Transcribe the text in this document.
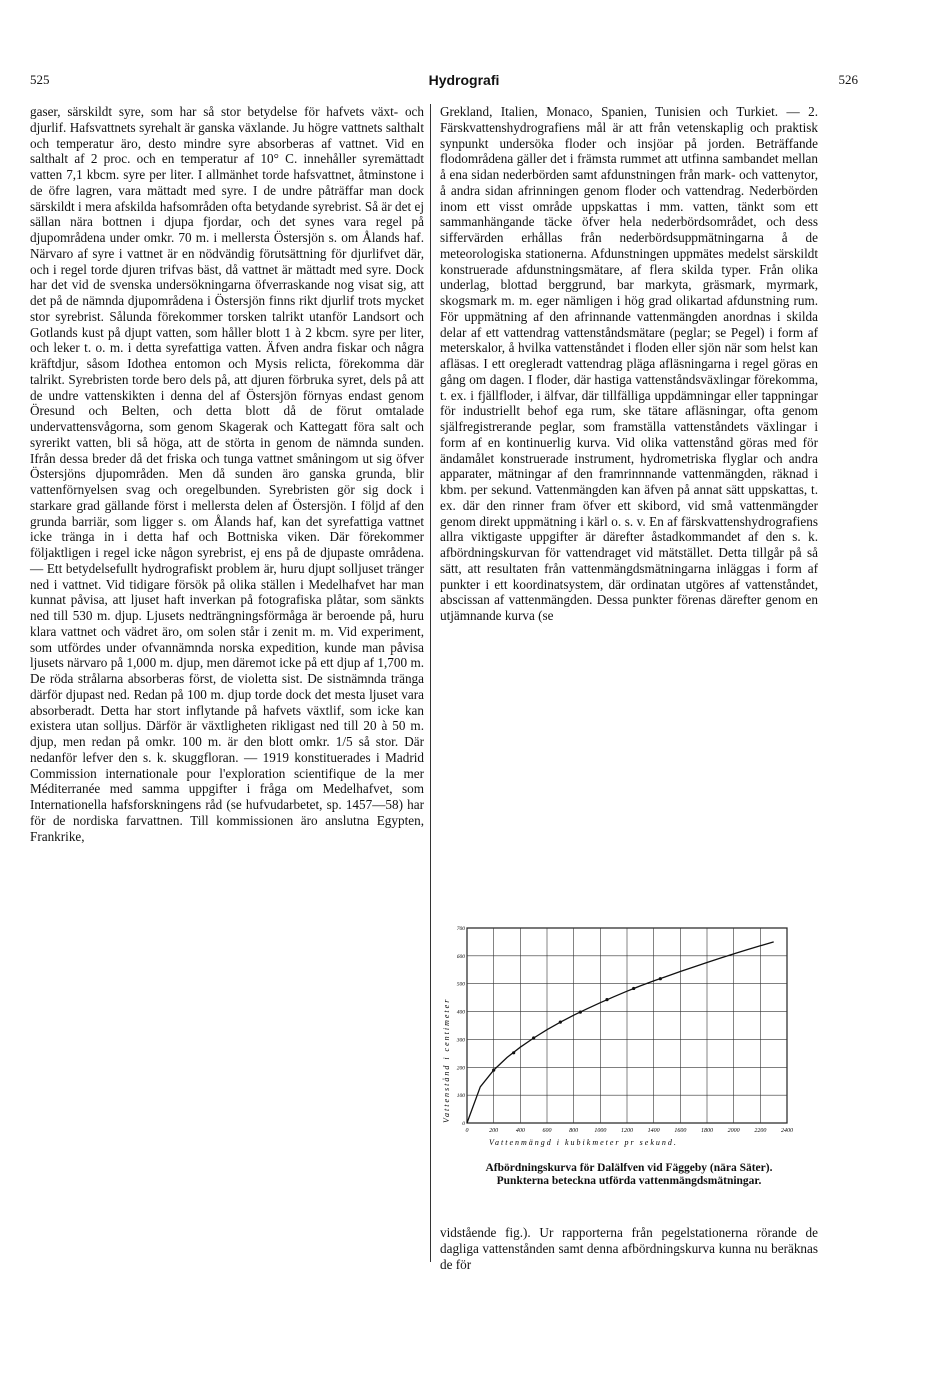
525	Hydrografi	526

gaser, särskildt syre, som har så stor betydelse för hafvets växt- och djurlif. Hafsvattnets syrehalt är ganska växlande. Ju högre vattnets salthalt och temperatur äro, desto mindre syre absorberas af vattnet. Vid en salthalt af 2 proc. och en temperatur af 10° C. innehåller syremättadt vatten 7,1 kbcm. syre per liter. I allmänhet torde hafsvattnet, åtminstone i de öfre lagren, vara mättadt med syre. I de undre påträffar man dock särskildt i mera afskilda hafsområden ofta betydande syrebrist. Så är det ej sällan nära bottnen i djupa fjordar, och det synes vara regel på djupområdena under omkr. 70 m. i mellersta Östersjön s. om Ålands haf. Närvaro af syre i vattnet är en nödvändig förutsättning för djurlifvet där, och i regel torde djuren trifvas bäst, då vattnet är mättadt med syre. Dock har det vid de svenska undersökningarna öfverraskande nog visat sig, att det på de nämnda djupområdena i Östersjön finns rikt djurlif trots mycket stor syrebrist. Sålunda förekommer torsken talrikt utanför Landsort och Gotlands kust på djupt vatten, som håller blott 1 à 2 kbcm. syre per liter, och leker t. o. m. i detta syrefattiga vatten. Äfven andra fiskar och några kräftdjur, såsom Idothea entomon och Mysis relicta, förekomma där talrikt. Syrebristen torde bero dels på, att djuren förbruka syret, dels på att de undre vattenskikten i denna del af Östersjön förnyas endast genom Öresund och Belten, och detta blott då de förut omtalade undervattensvågorna, som genom Skagerak och Kattegatt föra salt och syrerikt vatten, bli så höga, att de störta in genom de nämnda sunden. Ifrån dessa breder då det friska och tunga vattnet småningom ut sig öfver Östersjöns djupområden. Men då sunden äro ganska grunda, blir vattenförnyelsen svag och oregelbunden. Syrebristen gör sig dock i starkare grad gällande först i mellersta delen af Östersjön. I följd af den grunda barriär, som ligger s. om Ålands haf, kan det syrefattiga vattnet icke tränga in i detta haf och Bottniska viken. Där förekommer följaktligen i regel icke någon syrebrist, ej ens på de djupaste områdena. — Ett betydelsefullt hydrografiskt problem är, huru djupt solljuset tränger ned i vattnet. Vid tidigare försök på olika ställen i Medelhafvet har man kunnat påvisa, att ljuset haft inverkan på fotografiska plåtar, som sänkts ned till 530 m. djup. Ljusets nedträngningsförmåga är beroende på, huru klara vattnet och vädret äro, om solen står i zenit m. m. Vid experiment, som utfördes under ofvannämnda norska expedition, kunde man påvisa ljusets närvaro på 1,000 m. djup, men däremot icke på ett djup af 1,700 m. De röda strålarna absorberas först, de violetta sist. De sistnämnda tränga därför djupast ned. Redan på 100 m. djup torde dock det mesta ljuset vara absorberadt. Detta har stort inflytande på hafvets växtlif, som icke kan existera utan solljus. Därför är växtligheten rikligast ned till 20 à 50 m. djup, men redan på omkr. 100 m. är den blott omkr. 1/5 så stor. Där nedanför lefver den s. k. skuggfloran. — 1919 konstituerades i Madrid Commission internationale pour l'exploration scientifique de la mer Méditerranée med samma uppgifter i fråga om Medelhafvet, som Internationella hafsforskningens råd (se hufvudarbetet, sp. 1457—58) har för de nordiska farvattnen. Till kommissionen äro anslutna Egypten, Frankrike,

Grekland, Italien, Monaco, Spanien, Tunisien och Turkiet. — 2. Färskvattenshydrografiens mål är att från vetenskaplig och praktisk synpunkt undersöka floder och insjöar på jorden. Beträffande flodområdena gäller det i främsta rummet att utfinna sambandet mellan å ena sidan nederbörden samt afdunstningen från mark- och vattenytor, å andra sidan afrinningen genom floder och vattendrag. Nederbörden inom ett visst område uppskattas i mm. vatten, tänkt som ett sammanhängande täcke öfver hela nederbördsområdet, och dess siffervärden erhållas från nederbördsuppmätningarna å de meteorologiska stationerna. Afdunstningen uppmätes medelst särskildt konstruerade afdunstningsmätare, af flera skilda typer. Från olika underlag, blottad berggrund, bar markyta, gräsmark, myrmark, skogsmark m. m. eger nämligen i hög grad olikartad afdunstning rum. För uppmätning af den afrinnande vattenmängden anordnas i skilda delar af ett vattendrag vattenståndsmätare (peglar; se Pegel) i form af meterskalor, å hvilka vattenståndet i floden eller sjön när som helst kan afläsas. I ett oregleradt vattendrag pläga afläsningarna i regel göras en gång om dagen. I floder, där hastiga vattenståndsväxlingar förekomma, t. ex. i fjällfloder, i älfvar, där tillfälliga uppdämningar eller tappningar för industriellt behof ega rum, ske tätare afläsningar, ofta genom själfregistrerande peglar, som framställa vattenståndets växlingar i form af en kontinuerlig kurva. Vid olika vattenstånd göras med för ändamålet konstruerade instrument, hydrometriska flyglar och andra apparater, mätningar af den framrinnnande vattenmängden, räknad i kbm. per sekund. Vattenmängden kan äfven på annat sätt uppskattas, t. ex. där den rinner fram öfver ett skibord, vid små vattenmängder genom direkt uppmätning i kärl o. s. v. En af färskvattenshydrografiens allra viktigaste uppgifter är därefter åstadkommandet af den s. k. afbördningskurvan för vattendraget vid mätstället. Detta tillgår på så sätt, att resultaten från vattenmängdsmätningarna inläggas i form af punkter i ett koordinatsystem, där ordinatan utgöres af vattenståndet, abscissan af vattenmängden. Dessa punkter förenas därefter genom en utjämnande kurva (se

0	200	400	600	800	1000 1200 1400 1600 1800 2000 2200 2400
0
100
200
300
400
500
600
700
Vattenstånd i centimeter
Vattenmängd i kubikmeter pr sekund.
Afbördningskurva för Dalälfven vid Fäggeby (nära Säter).
Punkterna beteckna utförda vattenmängdsmätningar.

vidstående fig.). Ur rapporterna från pegelstationerna rörande de dagliga vattenstånden samt denna afbördningskurva kunna nu beräknas de för
